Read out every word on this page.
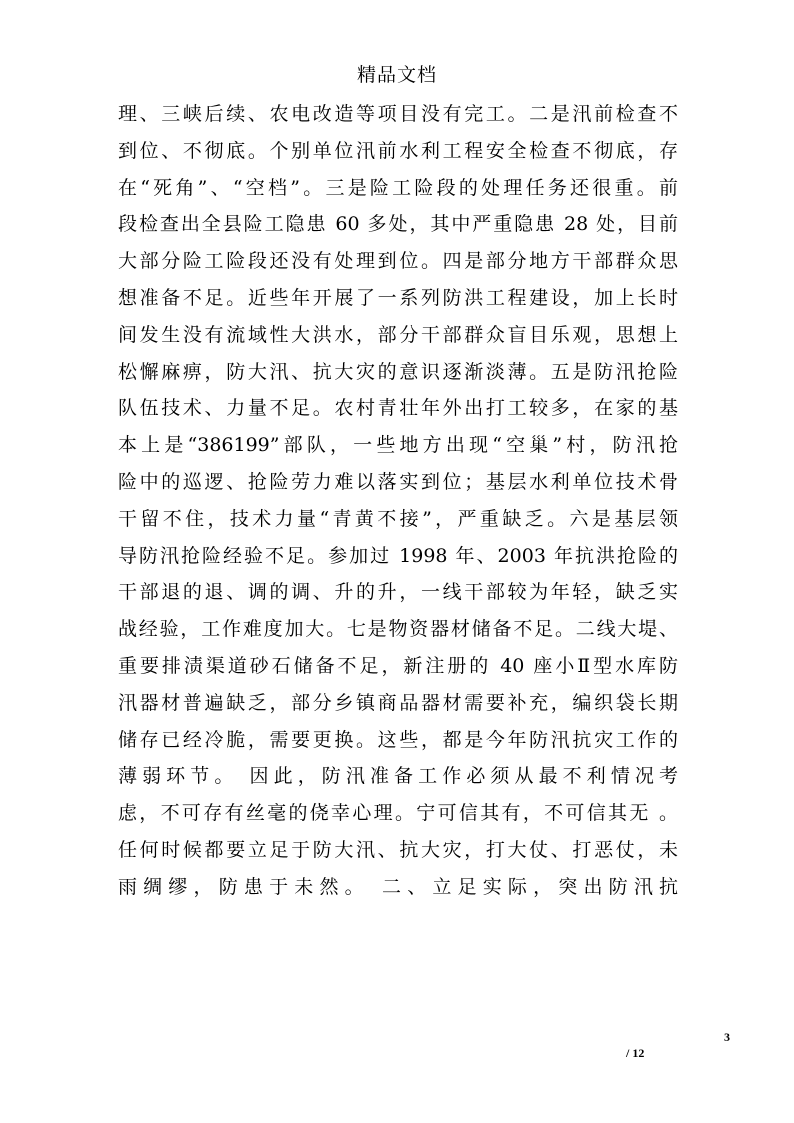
精品文档
理、三峡后续、农电改造等项目没有完工。二是汛前检查不
到位、不彻底。个别单位汛前水利工程安全检查不彻底，存
在“死角”、“空档”。三是险工险段的处理任务还很重。前
段检查出全县险工隐患 60 多处，其中严重隐患 28 处，目前
大部分险工险段还没有处理到位。四是部分地方干部群众思
想准备不足。近些年开展了一系列防洪工程建设，加上长时
间发生没有流域性大洪水，部分干部群众盲目乐观，思想上
松懈麻痹，防大汛、抗大灾的意识逐渐淡薄。五是防汛抢险
队伍技术、力量不足。农村青壮年外出打工较多，在家的基
本上是“386199”部队，一些地方出现“空巢”村，防汛抢
险中的巡逻、抢险劳力难以落实到位；基层水利单位技术骨
干留不住，技术力量“青黄不接”，严重缺乏。六是基层领
导防汛抢险经验不足。参加过 1998 年、2003 年抗洪抢险的
干部退的退、调的调、升的升，一线干部较为年轻，缺乏实
战经验，工作难度加大。七是物资器材储备不足。二线大堤、
重要排渍渠道砂石储备不足，新注册的 40 座小Ⅱ型水库防
汛器材普遍缺乏，部分乡镇商品器材需要补充，编织袋长期
储存已经冷脆，需要更换。这些，都是今年防汛抗灾工作的
薄弱环节。 因此，防汛准备工作必须从最不利情况考
虑，不可存有丝毫的侥幸心理。宁可信其有，不可信其无 。
任何时候都要立足于防大汛、抗大灾，打大仗、打恶仗，未
雨绸缪，防患于未然。 二、立足实际，突出防汛抗
3
/ 12
